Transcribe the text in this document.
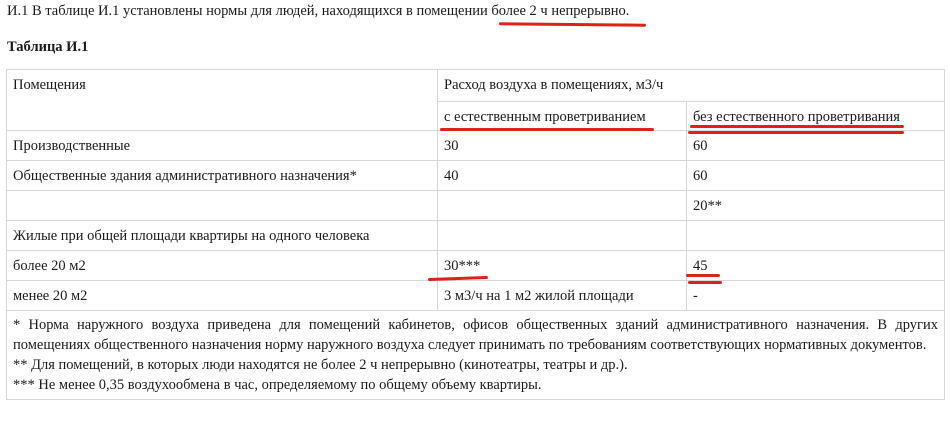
И.1 В таблице И.1 установлены нормы для людей, находящихся в помещении более 2 ч непрерывно.
Таблица И.1
Помещения	Расход воздуха в помещениях, м3/ч	
	с естественным проветриванием	без естественного проветривания
Производственные	30	60
Общественные здания административного назначения*	40	60
		20**
Жилые при общей площади квартиры на одного человека		
более 20 м2	30***	45
менее 20 м2	3 м3/ч на 1 м2 жилой площади	-

* Норма наружного воздуха приведена для помещений кабинетов, офисов общественных зданий административного назначения. В других помещениях общественного назначения норму наружного воздуха следует принимать по требованиям соответствующих нормативных документов.
** Для помещений, в которых люди находятся не более 2 ч непрерывно (кинотеатры, театры и др.).
*** Не менее 0,35 воздухообмена в час, определяемому по общему объему квартиры.		
